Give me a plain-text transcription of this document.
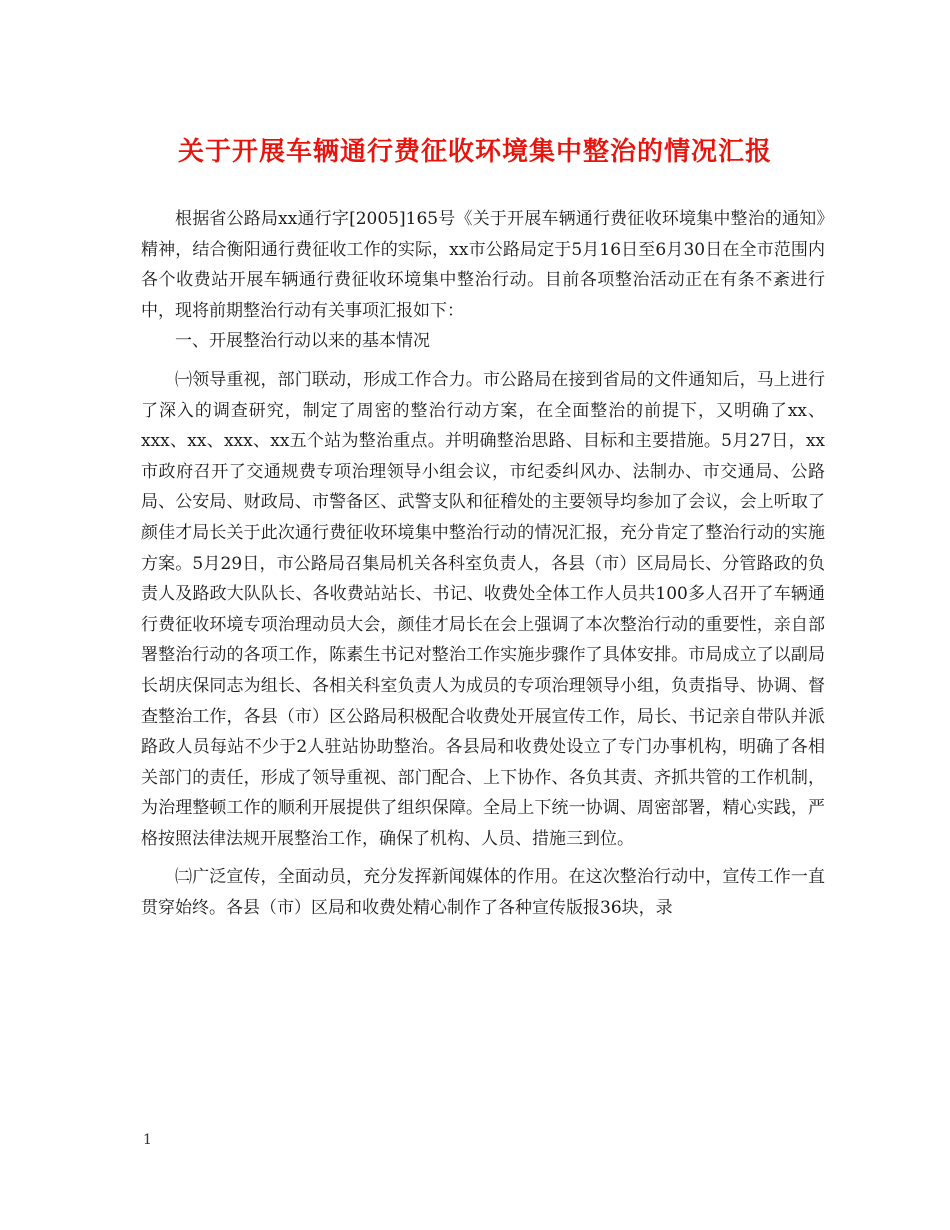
关于开展车辆通行费征收环境集中整治的情况汇报

根据省公路局xx通行字[2005]165号《关于开展车辆通行费征收环境集中整治的通知》精神，结合衡阳通行费征收工作的实际，xx市公路局定于5月16日至6月30日在全市范围内各个收费站开展车辆通行费征收环境集中整治行动。目前各项整治活动正在有条不紊进行中，现将前期整治行动有关事项汇报如下：

一、开展整治行动以来的基本情况

㈠领导重视，部门联动，形成工作合力。市公路局在接到省局的文件通知后，马上进行了深入的调查研究，制定了周密的整治行动方案，在全面整治的前提下，又明确了xx、xxx、xx、xxx、xx五个站为整治重点。并明确整治思路、目标和主要措施。5月27日，xx市政府召开了交通规费专项治理领导小组会议，市纪委纠风办、法制办、市交通局、公路局、公安局、财政局、市警备区、武警支队和征稽处的主要领导均参加了会议，会上听取了颜佳才局长关于此次通行费征收环境集中整治行动的情况汇报，充分肯定了整治行动的实施方案。5月29日，市公路局召集局机关各科室负责人，各县（市）区局局长、分管路政的负责人及路政大队队长、各收费站站长、书记、收费处全体工作人员共100多人召开了车辆通行费征收环境专项治理动员大会，颜佳才局长在会上强调了本次整治行动的重要性，亲自部署整治行动的各项工作，陈素生书记对整治工作实施步骤作了具体安排。市局成立了以副局长胡庆保同志为组长、各相关科室负责人为成员的专项治理领导小组，负责指导、协调、督查整治工作，各县（市）区公路局积极配合收费处开展宣传工作，局长、书记亲自带队并派路政人员每站不少于2人驻站协助整治。各县局和收费处设立了专门办事机构，明确了各相关部门的责任，形成了领导重视、部门配合、上下协作、各负其责、齐抓共管的工作机制，为治理整顿工作的顺利开展提供了组织保障。全局上下统一协调、周密部署，精心实践，严格按照法律法规开展整治工作，确保了机构、人员、措施三到位。

㈡广泛宣传，全面动员，充分发挥新闻媒体的作用。在这次整治行动中，宣传工作一直贯穿始终。各县（市）区局和收费处精心制作了各种宣传版报36块，录

1
